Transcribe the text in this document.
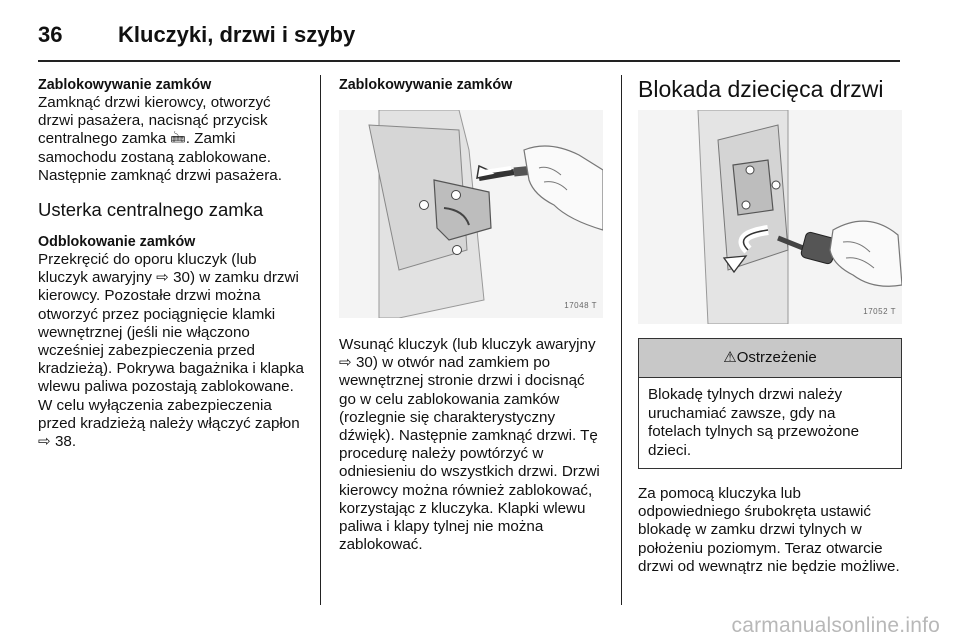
36	Kluczyki, drzwi i szyby
Zablokowywanie zamków

Zamknąć drzwi kierowcy, otworzyć drzwi pasażera, nacisnąć przycisk centralnego zamka 🖮. Zamki samochodu zostaną zablokowane. Następnie zamknąć drzwi pasażera.

Usterka centralnego zamka
Odblokowanie zamków

Przekręcić do oporu kluczyk (lub kluczyk awaryjny ⇨ 30) w zamku drzwi kierowcy. Pozostałe drzwi można otworzyć przez pociągnięcie klamki wewnętrznej (jeśli nie włączono wcześniej zabezpieczenia przed kradzieżą). Pokrywa bagażnika i klapka wlewu paliwa pozostają zablokowane. W celu wyłączenia zabezpieczenia przed kradzieżą należy włączyć zapłon ⇨ 38.

Zablokowywanie zamków
17048 T

Wsunąć kluczyk (lub kluczyk awaryjny ⇨ 30) w otwór nad zamkiem po wewnętrznej stronie drzwi i docisnąć go w celu zablokowania zamków (rozlegnie się charakterystyczny dźwięk). Następnie zamknąć drzwi. Tę procedurę należy powtórzyć w odniesieniu do wszystkich drzwi. Drzwi kierowcy można również zablokować, korzystając z kluczyka. Klapki wlewu paliwa i klapy tylnej nie można zablokować.

Blokada dziecięca drzwi
17052 T
⚠Ostrzeżenie
Blokadę tylnych drzwi należy uruchamiać zawsze, gdy na fotelach tylnych są przewożone dzieci.

Za pomocą kluczyka lub odpowiedniego śrubokręta ustawić blokadę w zamku drzwi tylnych w położeniu poziomym. Teraz otwarcie drzwi od wewnątrz nie będzie możliwe.

carmanualsonline.info
